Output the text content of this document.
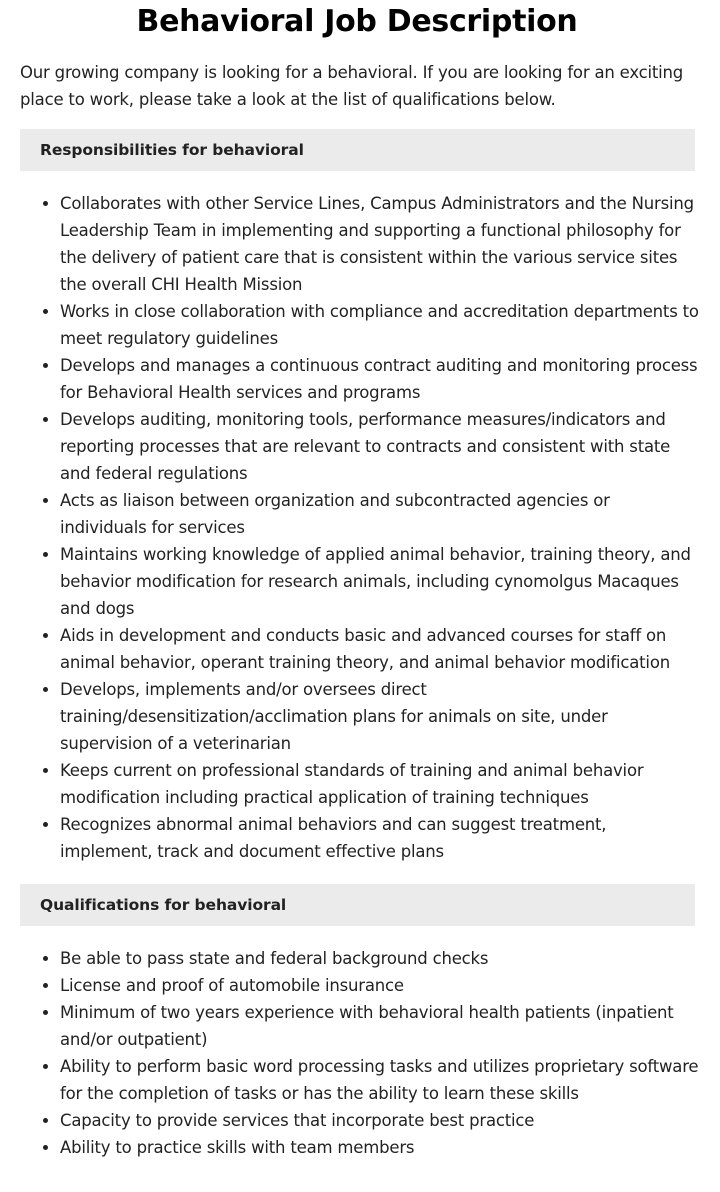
Behavioral Job Description

Our growing company is looking for a behavioral. If you are looking for an exciting place to work, please take a look at the list of qualifications below.

Responsibilities for behavioral
• Collaborates with other Service Lines, Campus Administrators and the Nursing Leadership Team in implementing and supporting a functional philosophy for the delivery of patient care that is consistent within the various service sites the overall CHI Health Mission
• Works in close collaboration with compliance and accreditation departments to meet regulatory guidelines
• Develops and manages a continuous contract auditing and monitoring process for Behavioral Health services and programs
• Develops auditing, monitoring tools, performance measures/indicators and reporting processes that are relevant to contracts and consistent with state and federal regulations
• Acts as liaison between organization and subcontracted agencies or individuals for services
• Maintains working knowledge of applied animal behavior, training theory, and behavior modification for research animals, including cynomolgus Macaques and dogs
• Aids in development and conducts basic and advanced courses for staff on animal behavior, operant training theory, and animal behavior modification
• Develops, implements and/or oversees direct training/desensitization/acclimation plans for animals on site, under supervision of a veterinarian
• Keeps current on professional standards of training and animal behavior modification including practical application of training techniques
• Recognizes abnormal animal behaviors and can suggest treatment, implement, track and document effective plans
Qualifications for behavioral
• Be able to pass state and federal background checks
• License and proof of automobile insurance
• Minimum of two years experience with behavioral health patients (inpatient and/or outpatient)
• Ability to perform basic word processing tasks and utilizes proprietary software for the completion of tasks or has the ability to learn these skills
• Capacity to provide services that incorporate best practice
• Ability to practice skills with team members
